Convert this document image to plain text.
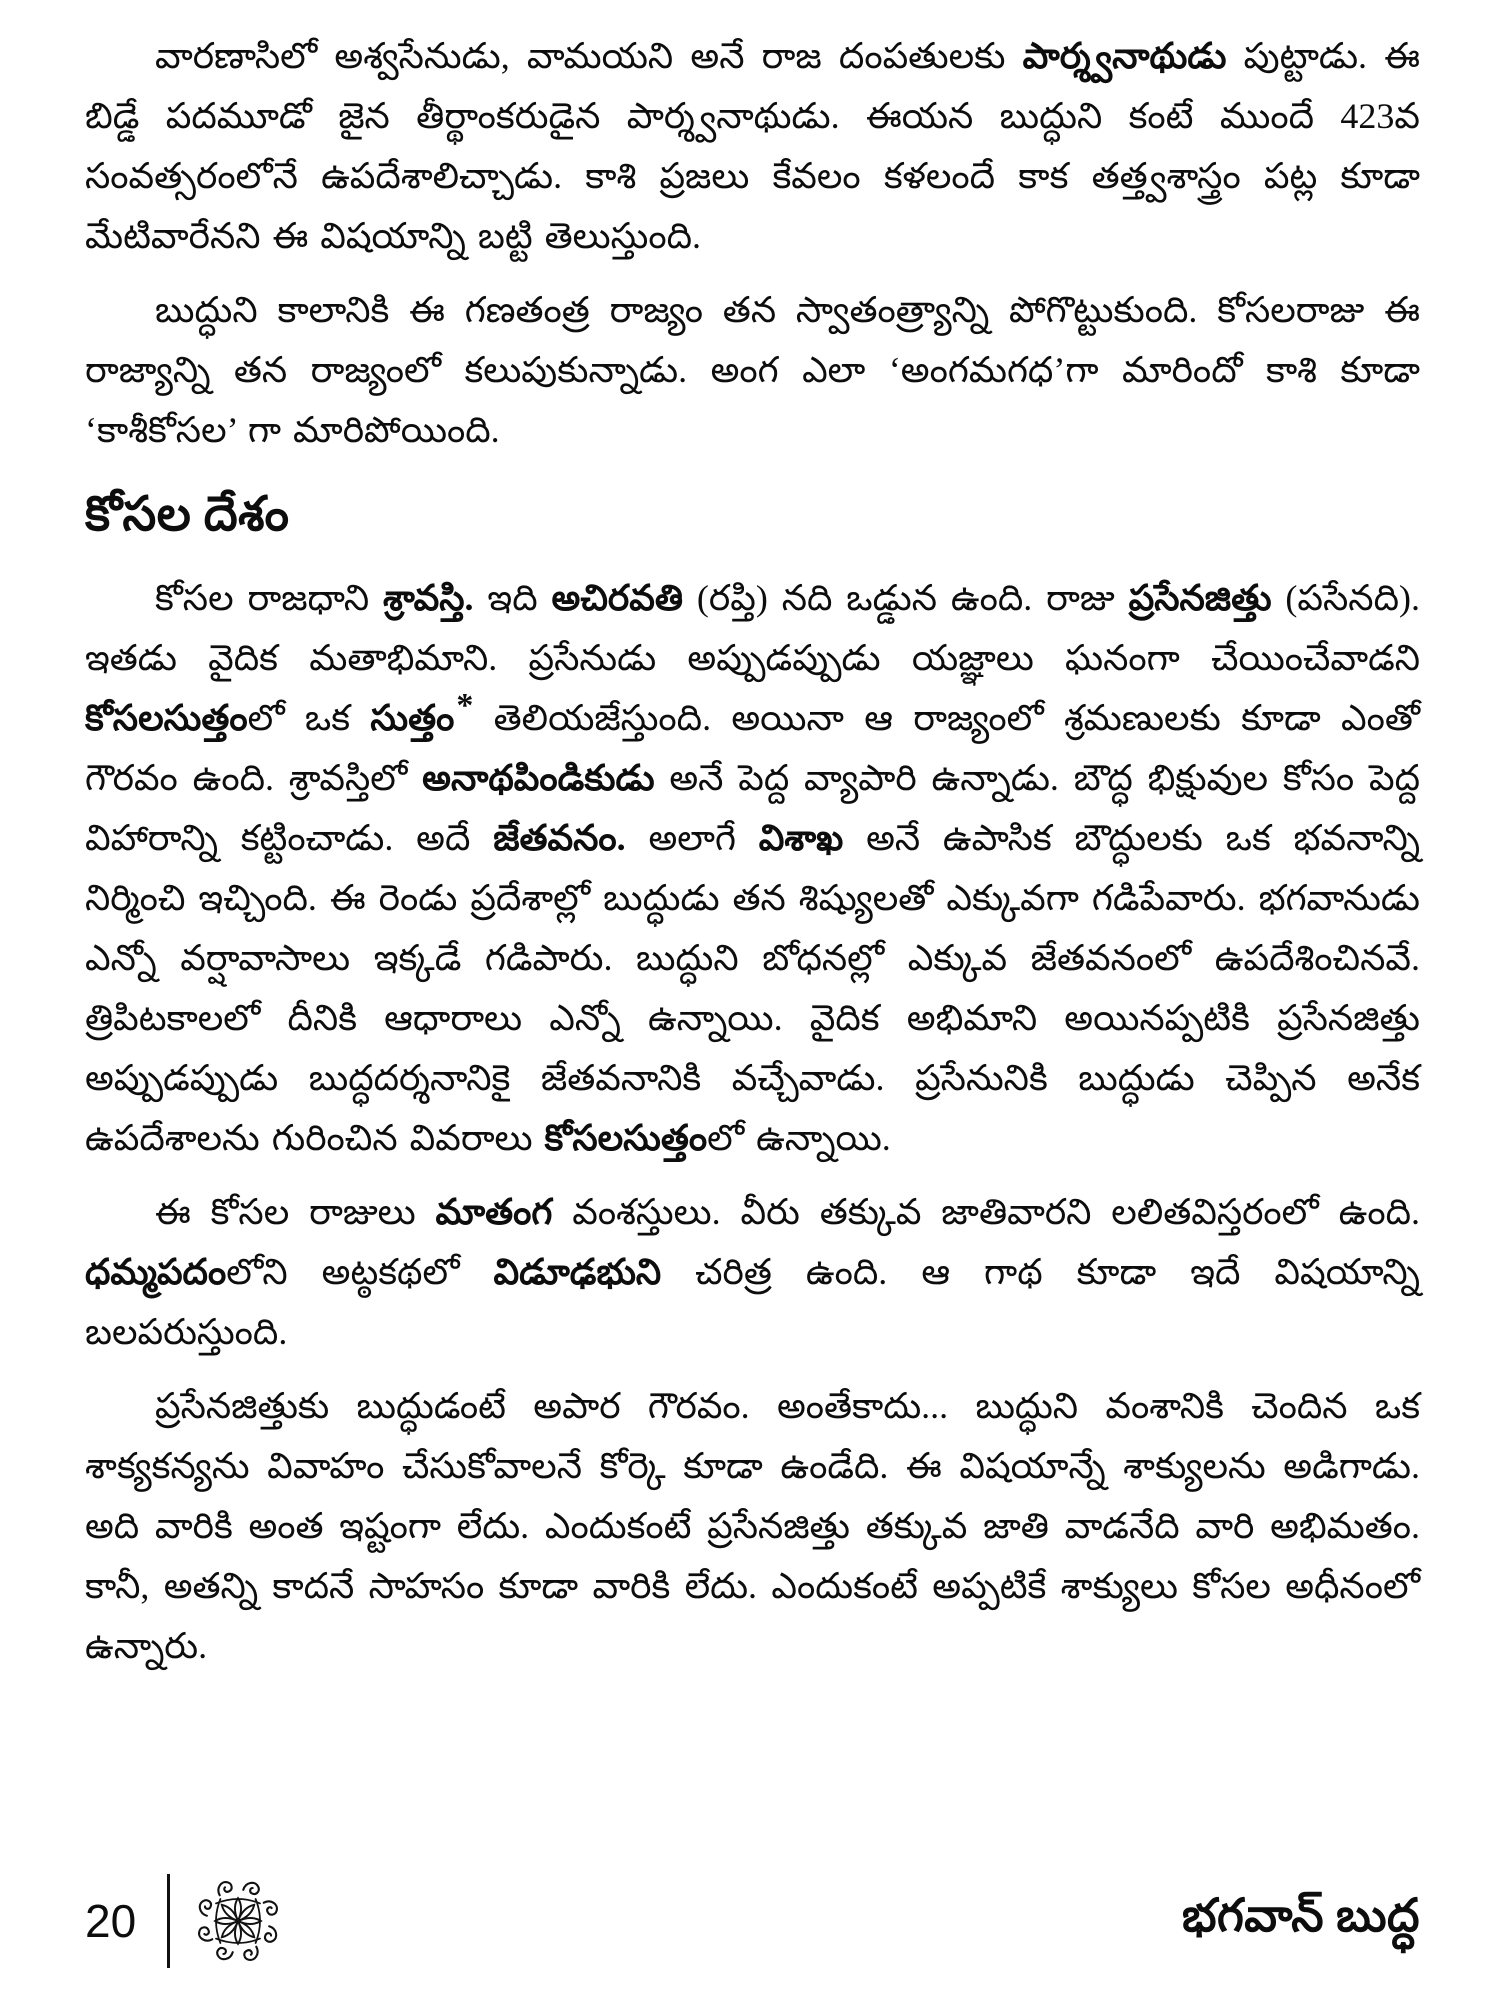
వారణాసిలో అశ్వసేనుడు, వామయని అనే రాజ దంపతులకు పార్శ్వనాథుడు పుట్టాడు. ఈ బిడ్డే పదమూడో జైన తీర్థాంకరుడైన పార్శ్వనాథుడు. ఈయన బుద్ధుని కంటే ముందే 423వ సంవత్సరంలోనే ఉపదేశాలిచ్చాడు. కాశి ప్రజలు కేవలం కళలందే కాక తత్త్వశాస్త్రం పట్ల కూడా మేటివారేనని ఈ విషయాన్ని బట్టి తెలుస్తుంది.

బుద్ధుని కాలానికి ఈ గణతంత్ర రాజ్యం తన స్వాతంత్ర్యాన్ని పోగొట్టుకుంది. కోసలరాజు ఈ రాజ్యాన్ని తన రాజ్యంలో కలుపుకున్నాడు. అంగ ఎలా ‘అంగమగధ’గా మారిందో కాశి కూడా ‘కాశీకోసల’ గా మారిపోయింది.

కోసల దేశం

కోసల రాజధాని శ్రావస్తి. ఇది అచిరవతి (రప్తి) నది ఒడ్డున ఉంది. రాజు ప్రసేనజిత్తు (పసేనది). ఇతడు వైదిక మతాభిమాని. ప్రసేనుడు అప్పుడప్పుడు యజ్ఞాలు ఘనంగా చేయించేవాడని కోసలసుత్తంలో ఒక సుత్తం* తెలియజేస్తుంది. అయినా ఆ రాజ్యంలో శ్రమణులకు కూడా ఎంతో గౌరవం ఉంది. శ్రావస్తిలో అనాథపిండికుడు అనే పెద్ద వ్యాపారి ఉన్నాడు. బౌద్ధ భిక్షువుల కోసం పెద్ద విహారాన్ని కట్టించాడు. అదే జేతవనం. అలాగే విశాఖ అనే ఉపాసిక బౌద్ధులకు ఒక భవనాన్ని నిర్మించి ఇచ్చింది. ఈ రెండు ప్రదేశాల్లో బుద్ధుడు తన శిష్యులతో ఎక్కువగా గడిపేవారు. భగవానుడు ఎన్నో వర్షావాసాలు ఇక్కడే గడిపారు. బుద్ధుని బోధనల్లో ఎక్కువ జేతవనంలో ఉపదేశించినవే. త్రిపిటకాలలో దీనికి ఆధారాలు ఎన్నో ఉన్నాయి. వైదిక అభిమాని అయినప్పటికి ప్రసేనజిత్తు అప్పుడప్పుడు బుద్ధదర్శనానికై జేతవనానికి వచ్చేవాడు. ప్రసేనునికి బుద్ధుడు చెప్పిన అనేక ఉపదేశాలను గురించిన వివరాలు కోసలసుత్తంలో ఉన్నాయి.

ఈ కోసల రాజులు మాతంగ వంశస్తులు. వీరు తక్కువ జాతివారని లలితవిస్తరంలో ఉంది. ధమ్మపదంలోని అట్ఠకథలో విడూఢభుని చరిత్ర ఉంది. ఆ గాథ కూడా ఇదే విషయాన్ని బలపరుస్తుంది.

ప్రసేనజిత్తుకు బుద్ధుడంటే అపార గౌరవం. అంతేకాదు... బుద్ధుని వంశానికి చెందిన ఒక శాక్యకన్యను వివాహం చేసుకోవాలనే కోర్కె కూడా ఉండేది. ఈ విషయాన్నే శాక్యులను అడిగాడు. అది వారికి అంత ఇష్టంగా లేదు. ఎందుకంటే ప్రసేనజిత్తు తక్కువ జాతి వాడనేది వారి అభిమతం. కానీ, అతన్ని కాదనే సాహసం కూడా వారికి లేదు. ఎందుకంటే అప్పటికే శాక్యులు కోసల అధీనంలో ఉన్నారు.

20	భగవాన్ బుద్ధ
